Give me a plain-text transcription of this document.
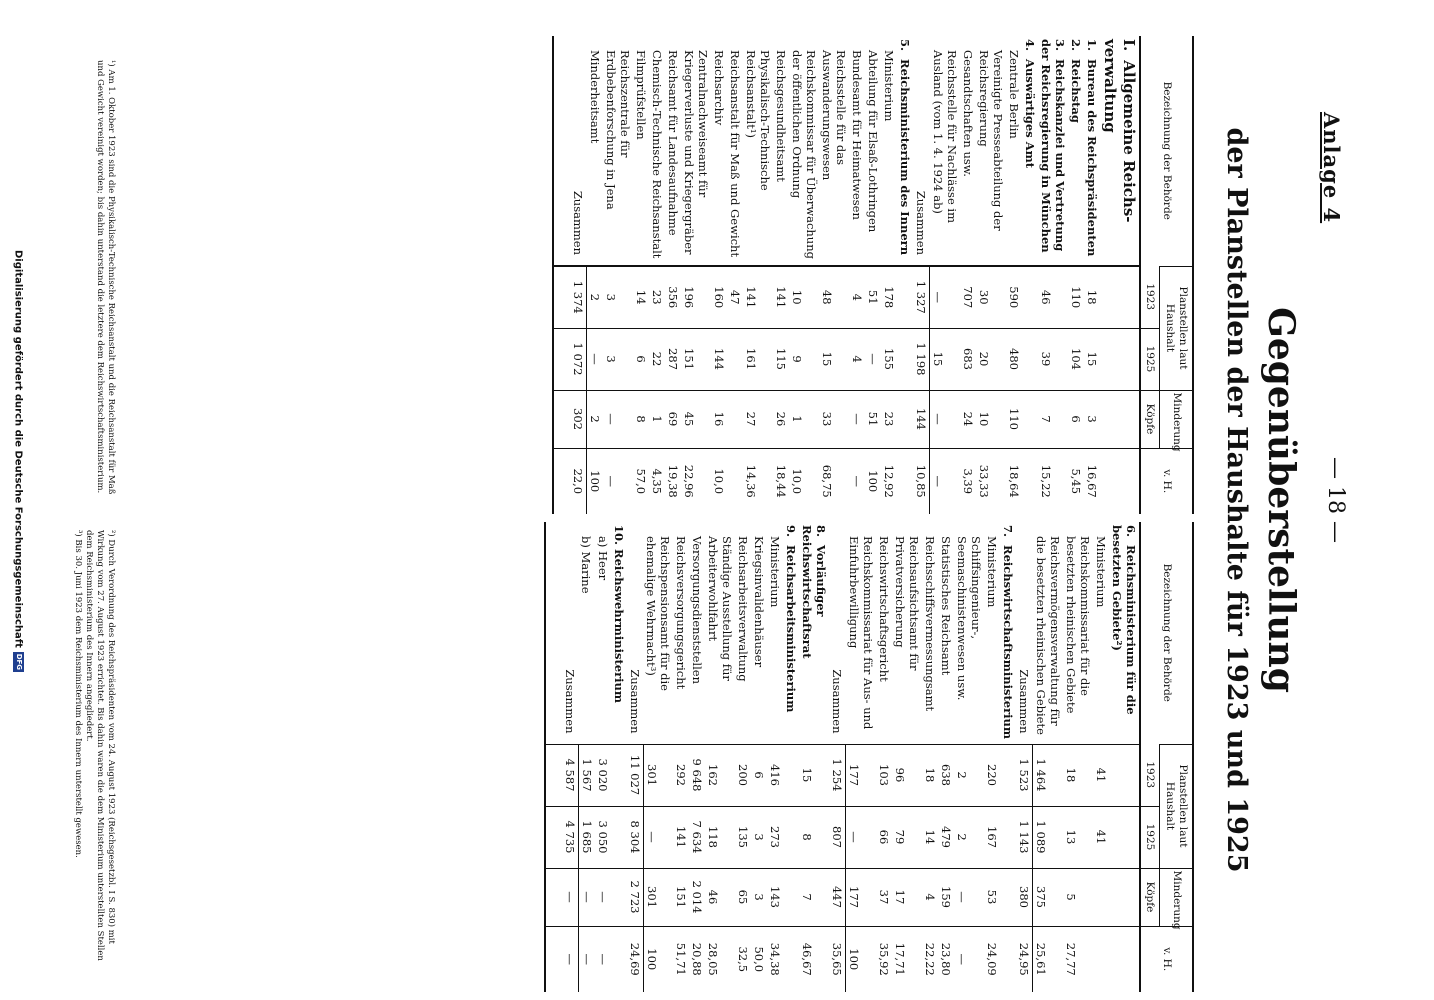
Anlage 4
— 18 —
Gegenüberstellung
der Planstellen der Haushalte für 1923 und 1925
Bezeichnung der Behörde	Planstellen laut Haushalt		Minderung	v. H.
	1923	1925	Köpfe	
I. Allgemeine Reichs-verwaltung				
1. Bureau des Reichspräsidenten	18	15	3	16,67
2. Reichstag	110	104	6	5,45
3. Reichskanzlei und Vertretung der Reichsregierung in München	46	39	7	15,22
4. Auswärtiges Amt				
Zentrale Berlin	590	480	110	18,64
Vereinigte Presseabteilung der Reichsregierung	30	20	10	33,33
Gesandtschaften usw.	707	683	24	3,39
Reichsstelle für Nachlässe im Ausland (vom 1. 4. 1924 ab)	—	15	—	—
Zusammen	1 327	1 198	144	10,85
5. Reichsministerium des Innern				
Ministerium	178	155	23	12,92
Abteilung für Elsaß-Lothringen	51	—	51	100
Bundesamt für Heimatwesen	4	4	—	—
Reichsstelle für das Auswanderungswesen	48	15	33	68,75
Reichskommissar für Überwachung der öffentlichen Ordnung	10	9	1	10,0
Reichsgesundheitsamt	141	115	26	18,44
Physikalisch-Technische Reichsanstalt¹)	141	161	27	14,36
Reichsanstalt für Maß und Gewicht	47			
Reichsarchiv	160	144	16	10,0
Zentralnachweiseamt für Kriegerverluste und Kriegergräber	196	151	45	22,96
Reichsamt für Landesaufnahme	356	287	69	19,38
Chemisch-Technische Reichsanstalt	23	22	1	4,35
Filmprüfstellen	14	6	8	57,0
Reichszentrale für Erdbebenforschung in Jena	3	3	—	—
Minderheitsamt	2	—	2	100
Zusammen	1 374	1 072	302	22,0

Bezeichnung der Behörde	Planstellen laut Haushalt		Minderung	v. H.
	1923	1925	Köpfe	
6. Reichsministerium für die besetzten Gebiete²)				
Ministerium	41	41		
Reichskommissariat für die besetzten rheinischen Gebiete	18	13	5	27,77
Reichsvermögensverwaltung für die besetzten rheinischen Gebiete	1 464	1 089	375	25,61
Zusammen	1 523	1 143	380	24,95
7. Reichswirtschaftsministerium				
Ministerium	220	167	53	24,09
Schiffsingenieur-, Seemaschinistenwesen usw.	2	2	—	—
Statistisches Reichsamt	638	479	159	23,80
Reichsschiffsvermessungsamt	18	14	4	22,22
Reichsaufsichtsamt für Privatversicherung	96	79	17	17,71
Reichswirtschaftsgericht	103	66	37	35,92
Reichskommissariat für Aus- und Einfuhrbewilligung	177	—	177	100
Zusammen	1 254	807	447	35,65
8. Vorläufiger Reichswirtschaftsrat	15	8	7	46,67
9. Reichsarbeitsministerium				
Ministerium	416	273	143	34,38
Kriegsinvalidenhäuser	6	3	3	50,0
Reichsarbeitsverwaltung	200	135	65	32,5
Ständige Ausstellung für Arbeiterwohlfahrt	162	118	46	28,05
Versorgungsdienststellen	9 648	7 634	2 014	20,88
Reichsversorgungsgericht	292	141	151	51,71
Reichspensionsamt für die ehemalige Wehrmacht³)	301	—	301	100
Zusammen	11 027	8 304	2 723	24,69
10. Reichswehrministerium				
a) Heer	3 020	3 050	—	—
b) Marine	1 567	1 685	—	—
Zusammen	4 587	4 735	—	—

¹) Am 1. Oktober 1923 sind die Physikalisch-Technische Reichsanstalt und die Reichsanstalt für Maß und Gewicht vereinigt worden; bis dahin unterstand die letztere dem Reichswirtschaftsministerium.
²) Durch Verordnung des Reichspräsidenten vom 24. August 1923 (Reichsgesetzbl. I S. 830) mit Wirkung vom 27. August 1923 errichtet. Bis dahin waren die dem Ministerium unterstellten Stellen dem Reichsministerium des Innern angegliedert.
³) Bis 30. Juni 1923 dem Reichsministerium des Innern unterstellt gewesen.
Digitalisierung gefördert durch die Deutsche ForschungsgemeinschaftDFG
